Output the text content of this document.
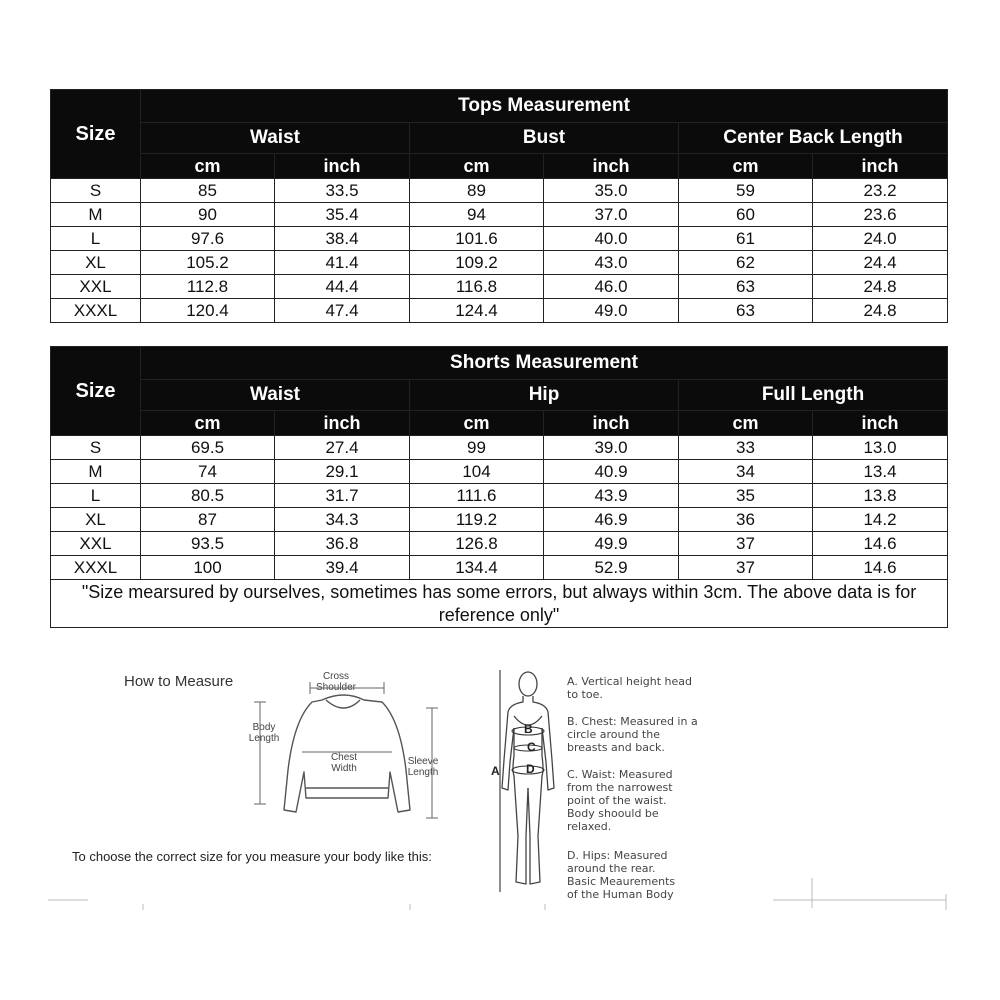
Size	Tops Measurement					
	Waist		Bust		Center Back Length	
	cm	inch	cm	inch	cm	inch
S	85	33.5	89	35.0	59	23.2
M	90	35.4	94	37.0	60	23.6
L	97.6	38.4	101.6	40.0	61	24.0
XL	105.2	41.4	109.2	43.0	62	24.4
XXL	112.8	44.4	116.8	46.0	63	24.8
XXXL	120.4	47.4	124.4	49.0	63	24.8
Size	Shorts Measurement					
	Waist		Hip		Full Length	
	cm	inch	cm	inch	cm	inch
S	69.5	27.4	99	39.0	33	13.0
M	74	29.1	104	40.9	34	13.4
L	80.5	31.7	111.6	43.9	35	13.8
XL	87	34.3	119.2	46.9	36	14.2
XXL	93.5	36.8	126.8	49.9	37	14.6
XXXL	100	39.4	134.4	52.9	37	14.6
"Size mearsured by ourselves, sometimes has some errors, but always within 3cm. The above data is for reference only"						
How to Measure	Cross
Shoulder
Body
Length
Chest
Width
Sleeve
Length
To choose the correct size for you measure your body like this:
A
B
C
D
A. Vertical height head
to toe.
B. Chest: Measured in a
circle around the
breasts and back.
C. Waist: Measured
from the narrowest
point of the waist.
Body shoould be
relaxed.
D. Hips: Measured
around the rear.
Basic Meaurements
of the Human Body
